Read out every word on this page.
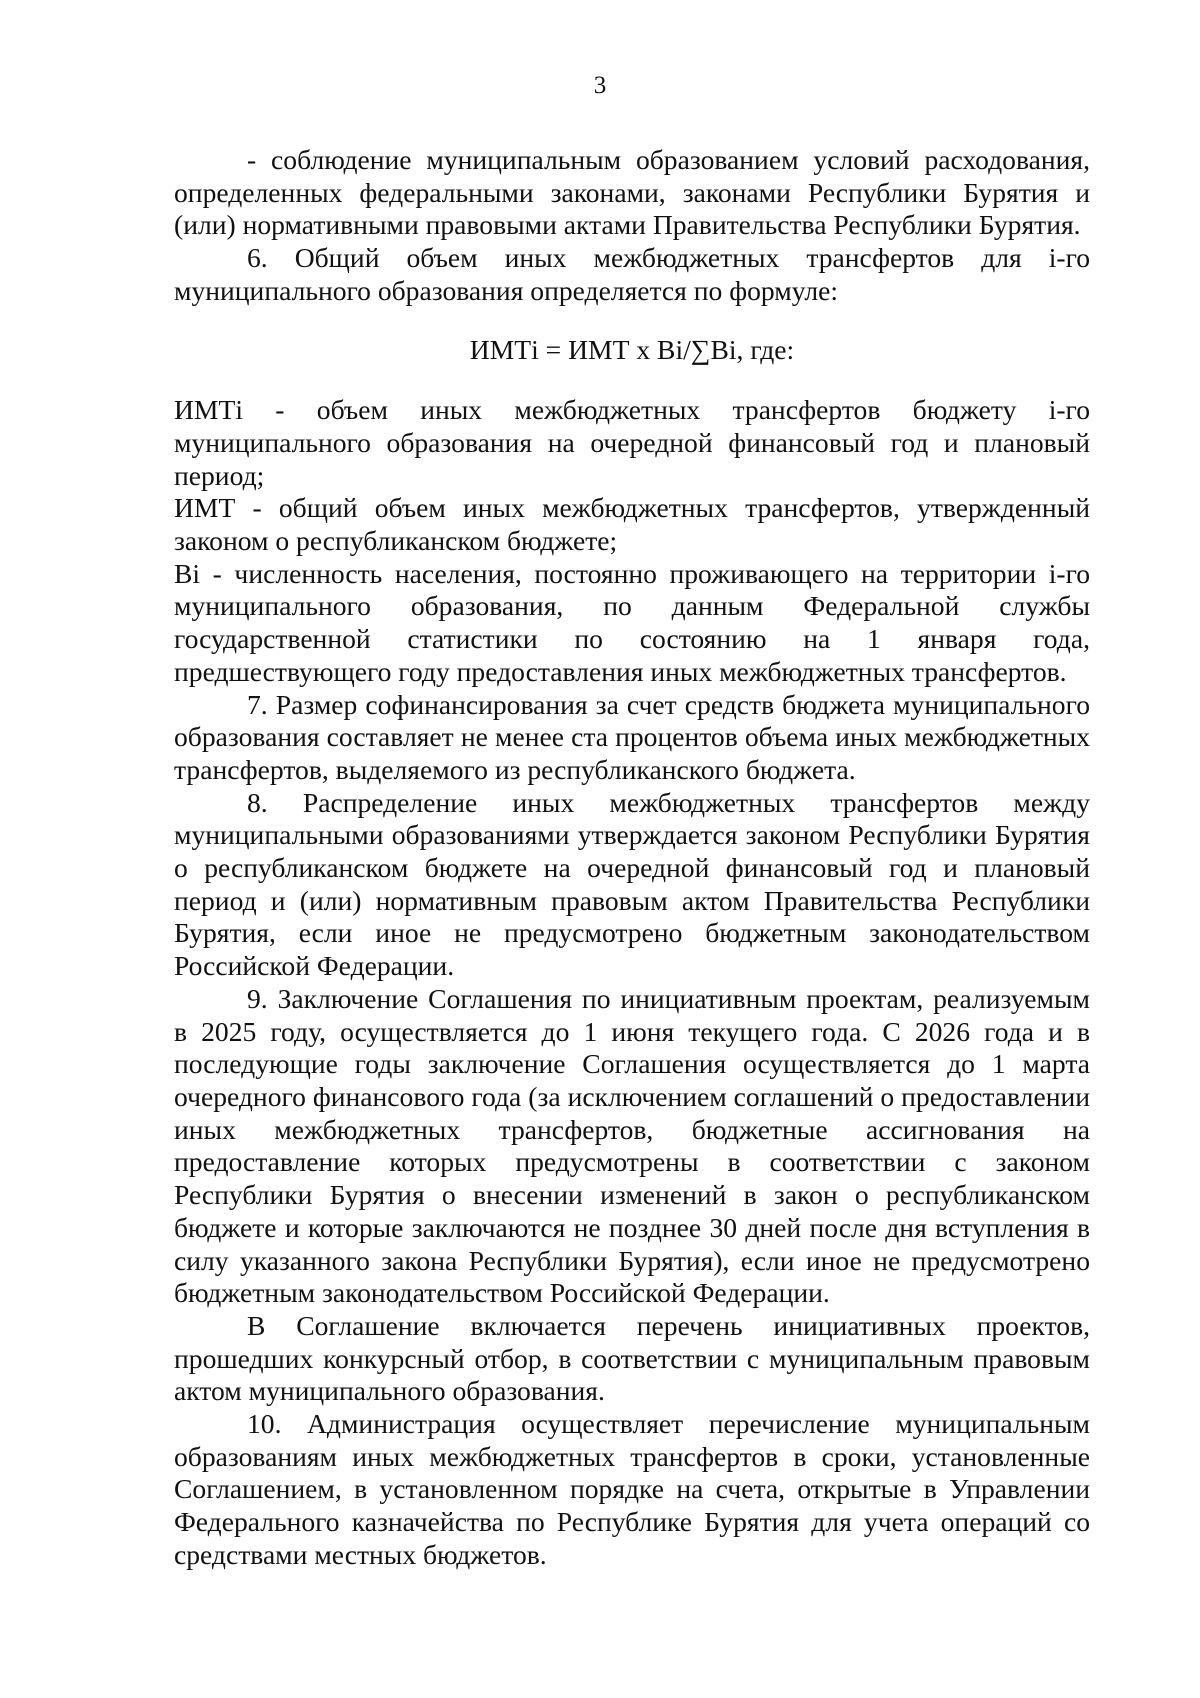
3

- соблюдение муниципальным образованием условий расходования, определенных федеральными законами, законами Республики Бурятия и (или) нормативными правовыми актами Правительства Республики Бурятия.

6. Общий объем иных межбюджетных трансфертов для i-го муниципального образования определяется по формуле:

ИМТi = ИМТ х Bi/∑Bi, где:

ИМТi - объем иных межбюджетных трансфертов бюджету i-го муниципального образования на очередной финансовый год и плановый период;

ИМТ - общий объем иных межбюджетных трансфертов, утвержденный законом о республиканском бюджете;

Bi - численность населения, постоянно проживающего на территории i-го муниципального образования, по данным Федеральной службы государственной статистики по состоянию на 1 января года, предшествующего году предоставления иных межбюджетных трансфертов.

7. Размер софинансирования за счет средств бюджета муниципального образования составляет не менее ста процентов объема иных межбюджетных трансфертов, выделяемого из республиканского бюджета.

8. Распределение иных межбюджетных трансфертов между муниципальными образованиями утверждается законом Республики Бурятия о республиканском бюджете на очередной финансовый год и плановый период и (или) нормативным правовым актом Правительства Республики Бурятия, если иное не предусмотрено бюджетным законодательством Российской Федерации.

9. Заключение Соглашения по инициативным проектам, реализуемым в 2025 году, осуществляется до 1 июня текущего года. С 2026 года и в последующие годы заключение Соглашения осуществляется до 1 марта очередного финансового года (за исключением соглашений о предоставлении иных межбюджетных трансфертов, бюджетные ассигнования на предоставление которых предусмотрены в соответствии с законом Республики Бурятия о внесении изменений в закон о республиканском бюджете и которые заключаются не позднее 30 дней после дня вступления в силу указанного закона Республики Бурятия), если иное не предусмотрено бюджетным законодательством Российской Федерации.

В Соглашение включается перечень инициативных проектов, прошедших конкурсный отбор, в соответствии с муниципальным правовым актом муниципального образования.

10. Администрация осуществляет перечисление муниципальным образованиям иных межбюджетных трансфертов в сроки, установленные Соглашением, в установленном порядке на счета, открытые в Управлении Федерального казначейства по Республике Бурятия для учета операций со средствами местных бюджетов.
